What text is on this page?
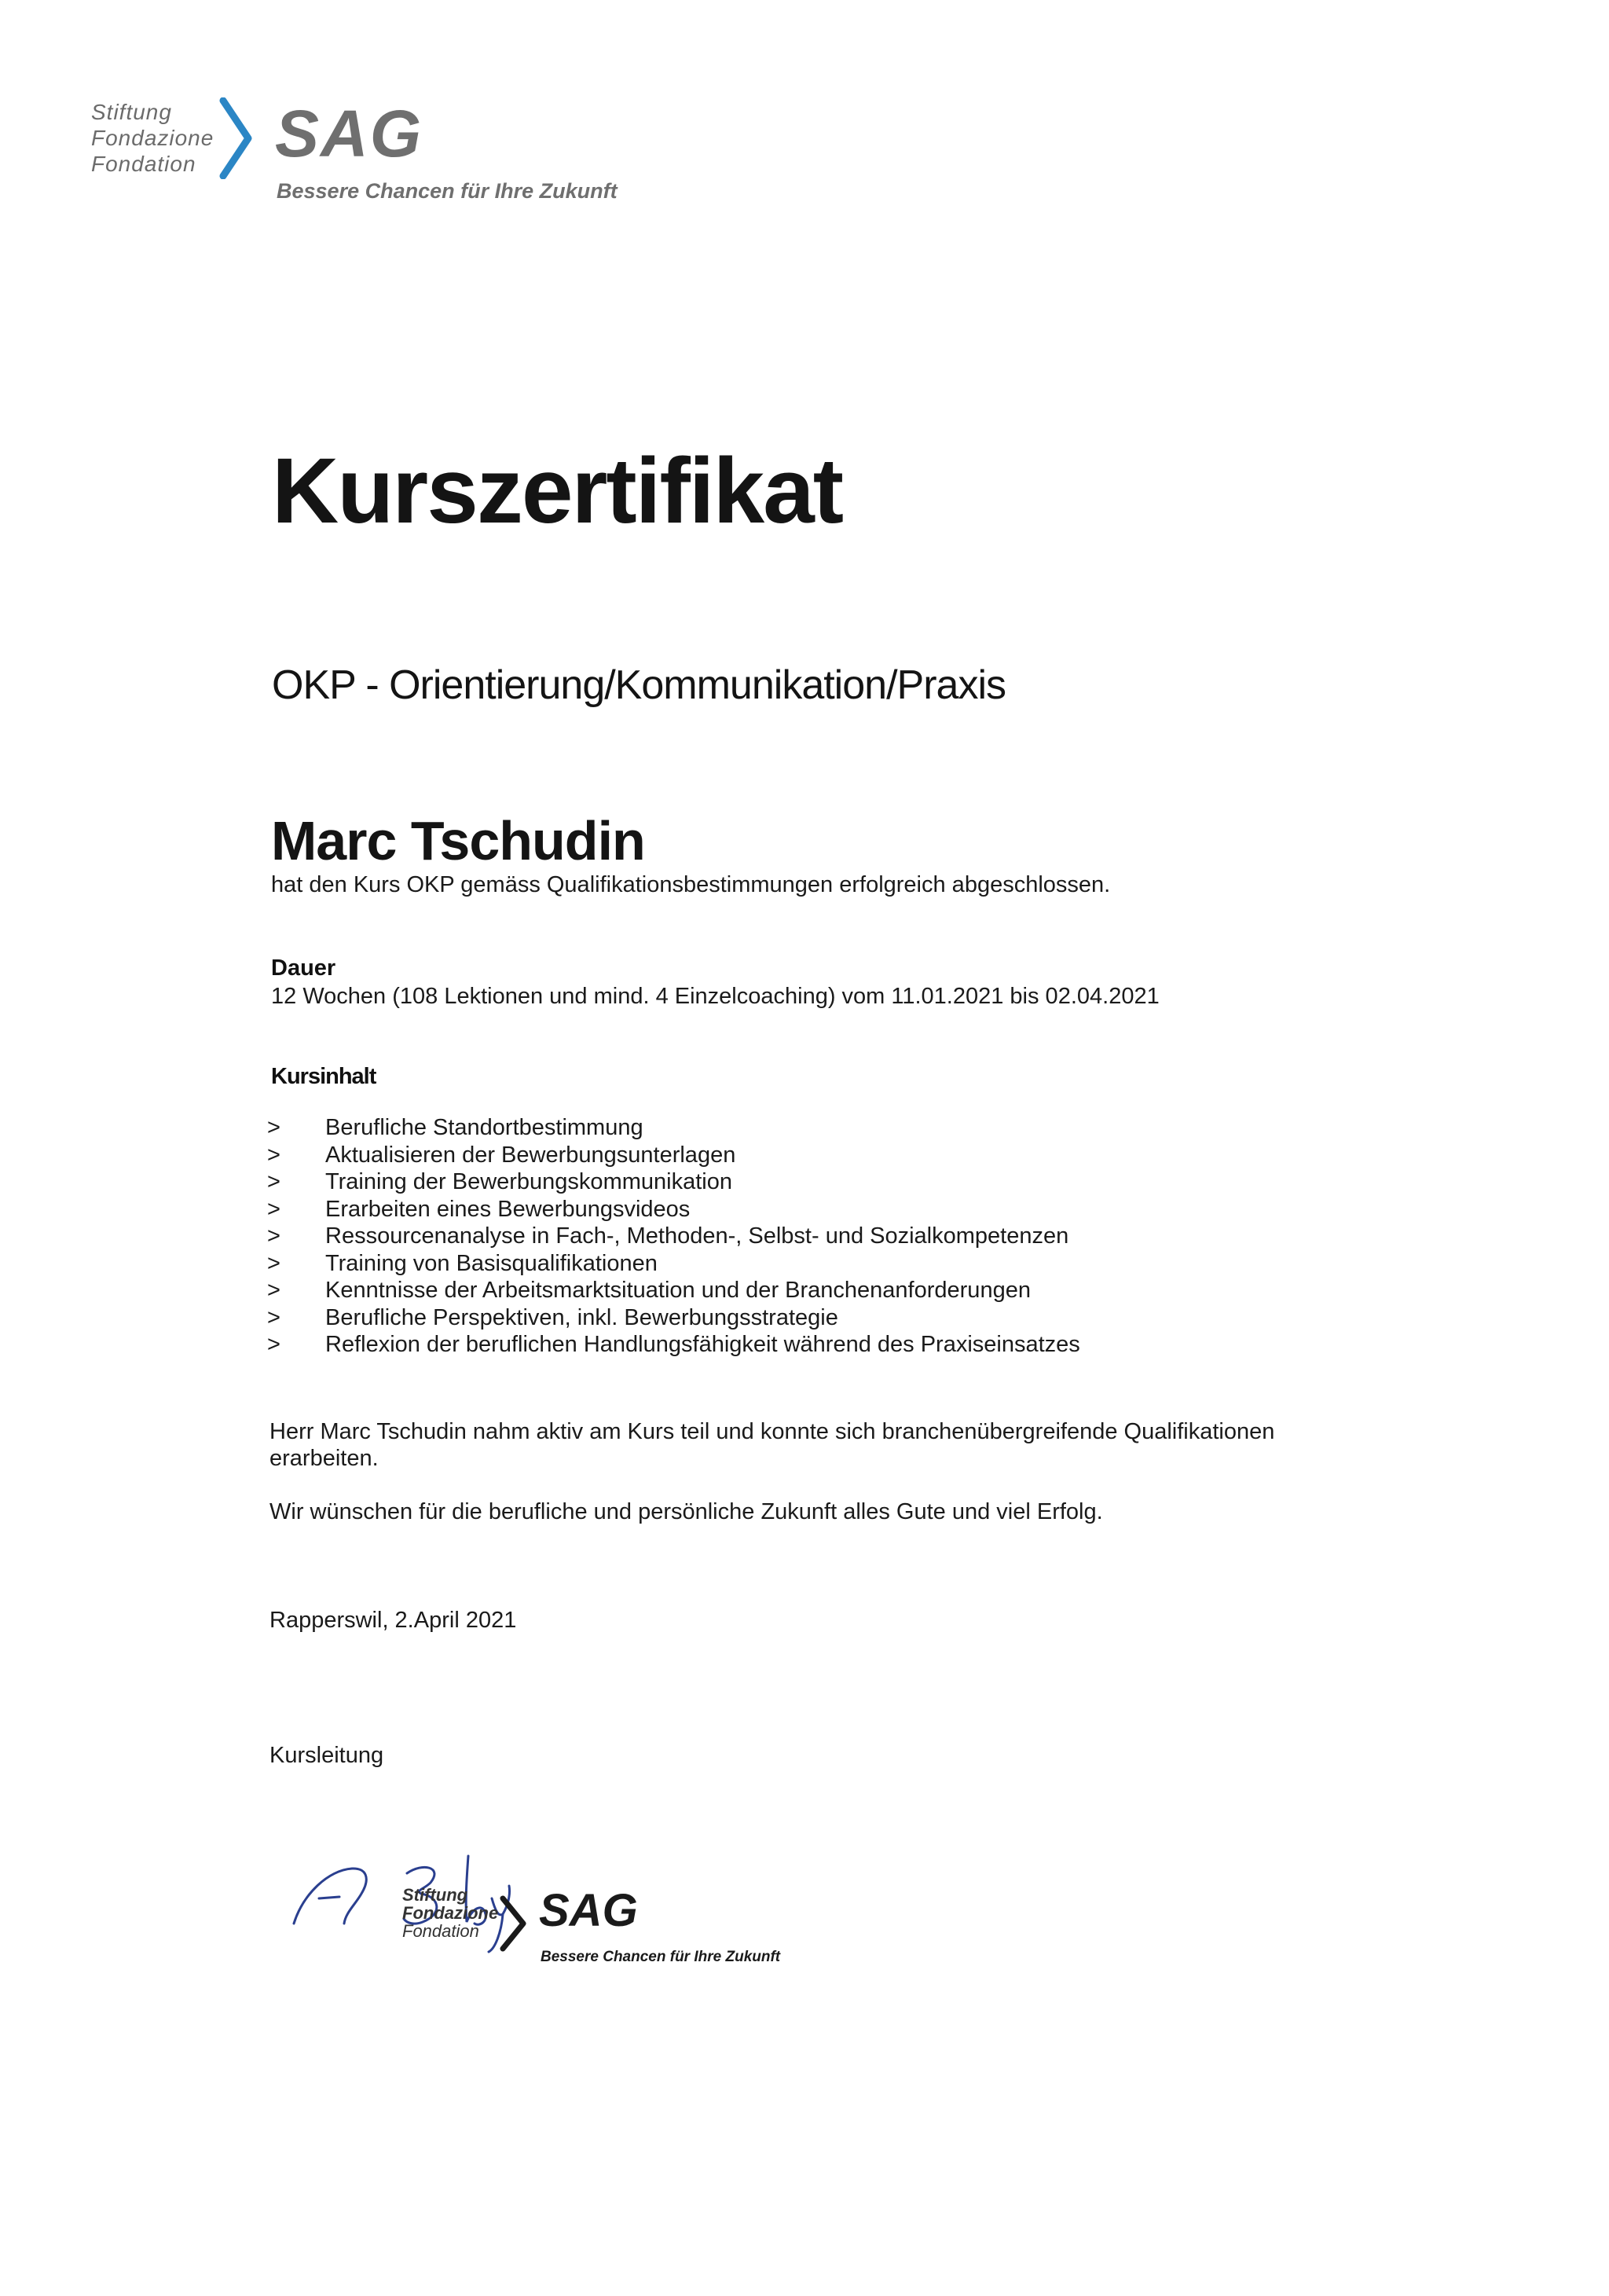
Stiftung
Fondazione
Fondation	SAG
Bessere Chancen für Ihre Zukunft
Kurszertifikat
OKP - Orientierung/Kommunikation/Praxis
Marc Tschudin
hat den Kurs OKP gemäss Qualifikationsbestimmungen erfolgreich abgeschlossen.
Dauer
12 Wochen (108 Lektionen und mind. 4 Einzelcoaching) vom 11.01.2021 bis 02.04.2021
Kursinhalt
>	Berufliche Standortbestimmung
>	Aktualisieren der Bewerbungsunterlagen
>	Training der Bewerbungskommunikation
>	Erarbeiten eines Bewerbungsvideos
>	Ressourcenanalyse in Fach-, Methoden-, Selbst- und Sozialkompetenzen
>	Training von Basisqualifikationen
>	Kenntnisse der Arbeitsmarktsituation und der Branchenanforderungen
>	Berufliche Perspektiven, inkl. Bewerbungsstrategie
>	Reflexion der beruflichen Handlungsfähigkeit während des Praxiseinsatzes
Herr Marc Tschudin nahm aktiv am Kurs teil und konnte sich branchenübergreifende Qualifikationen
erarbeiten.
Wir wünschen für die berufliche und persönliche Zukunft alles Gute und viel Erfolg.
Rapperswil, 2.April 2021
Kursleitung
Stiftung
Fondazione
Fondation	SAG
Bessere Chancen für Ihre Zukunft
